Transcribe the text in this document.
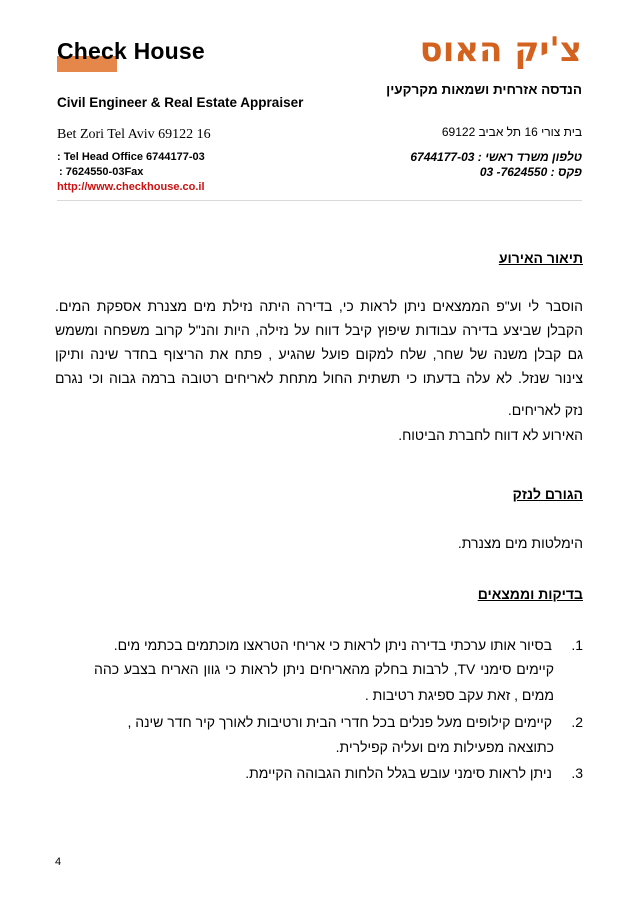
Check House
Civil Engineer & Real Estate Appraiser
Bet Zori Tel Aviv 69122 16
: Tel Head Office 6744177-03
: 7624550-03Fax
http://www.checkhouse.co.il
צ'יק האוס
הנדסה אזרחית ושמאות מקרקעין
בית צורי 16 תל אביב 69122
טלפון משרד ראשי : 6744177-03
פקס : 7624550- 03
תיאור האירוע
הוסבר לי וע"פ הממצאים ניתן לראות כי, בדירה היתה נזילת מים מצנרת אספקת המים.
הקבלן שביצע בדירה עבודות שיפוץ קיבל דווח על נזילה, היות והנ"ל קרוב משפחה ומשמש
גם קבלן משנה של שחר, שלח למקום פועל שהגיע , פתח את הריצוף בחדר שינה ותיקן
צינור שנזל. לא עלה בדעתו כי תשתית החול מתחת לאריחים רטובה ברמה גבוה וכי נגרם
נזק לאריחים.
האירוע לא דווח לחברת הביטוח.
הגורם לנזק
הימלטות מים מצנרת.
בדיקות וממצאים
1.
בסיור אותו ערכתי בדירה ניתן לראות כי אריחי הטראצו מוכתמים בכתמי מים.
קיימים סימני TV, לרבות בחלק מהאריחים ניתן לראות כי גוון האריח בצבע כהה
ממים , זאת עקב ספיגת רטיבות .
2.
קיימים קילופים מעל פנלים בכל חדרי הבית ורטיבות לאורך קיר חדר שינה ,
כתוצאה מפעילות מים ועליה קפילרית.
3.
ניתן לראות סימני עובש בגלל הלחות הגבוהה הקיימת.
4
